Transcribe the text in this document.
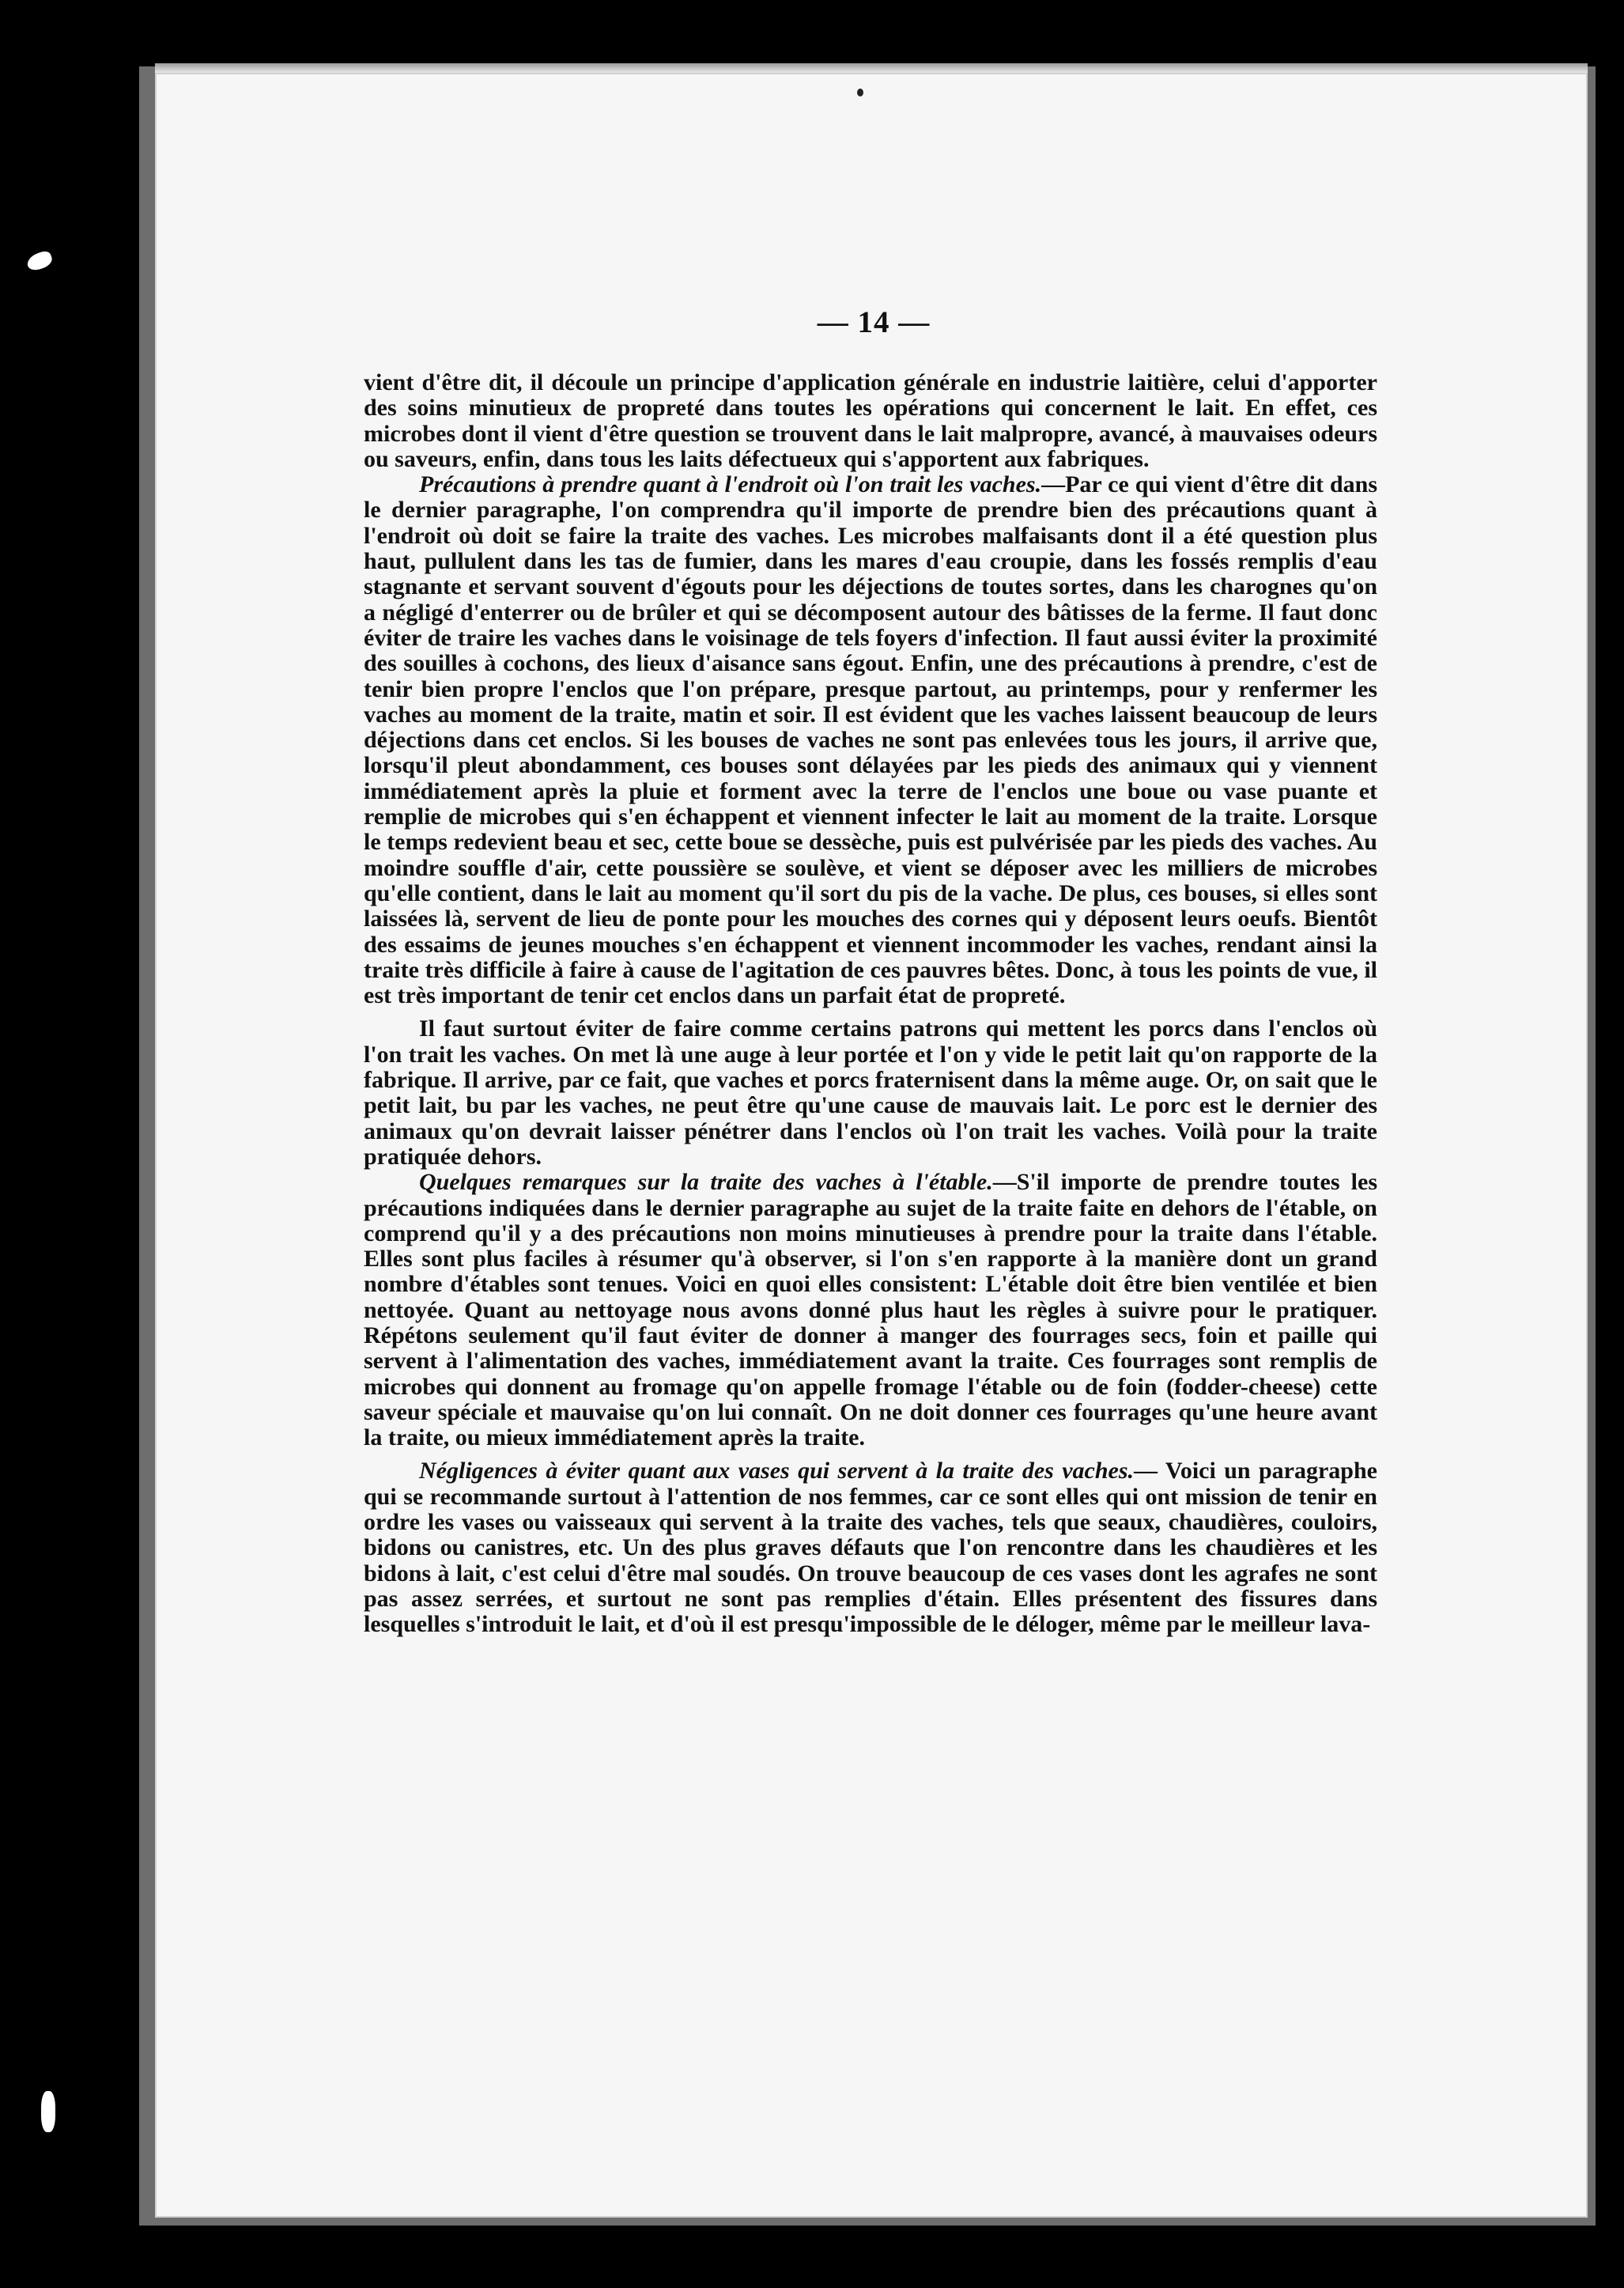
— 14 —

vient d'être dit, il découle un principe d'application générale en industrie laitière, celui d'apporter des soins minutieux de propreté dans toutes les opérations qui concernent le lait. En effet, ces microbes dont il vient d'être question se trouvent dans le lait malpropre, avancé, à mauvaises odeurs ou saveurs, enfin, dans tous les laits défectueux qui s'apportent aux fabriques.

Précautions à prendre quant à l'endroit où l'on trait les vaches.—Par ce qui vient d'être dit dans le dernier paragraphe, l'on comprendra qu'il importe de prendre bien des précautions quant à l'endroit où doit se faire la traite des vaches. Les microbes malfaisants dont il a été question plus haut, pullulent dans les tas de fumier, dans les mares d'eau croupie, dans les fossés remplis d'eau stagnante et servant souvent d'égouts pour les déjections de toutes sortes, dans les charognes qu'on a négligé d'enterrer ou de brûler et qui se décomposent autour des bâtisses de la ferme. Il faut donc éviter de traire les vaches dans le voisinage de tels foyers d'infection. Il faut aussi éviter la proximité des souilles à cochons, des lieux d'aisance sans égout. Enfin, une des précautions à prendre, c'est de tenir bien propre l'enclos que l'on prépare, presque partout, au printemps, pour y renfermer les vaches au moment de la traite, matin et soir. Il est évident que les vaches laissent beaucoup de leurs déjections dans cet enclos. Si les bouses de vaches ne sont pas enlevées tous les jours, il arrive que, lorsqu'il pleut abondamment, ces bouses sont délayées par les pieds des animaux qui y viennent immédiatement après la pluie et forment avec la terre de l'enclos une boue ou vase puante et remplie de microbes qui s'en échappent et viennent infecter le lait au moment de la traite. Lorsque le temps redevient beau et sec, cette boue se dessèche, puis est pulvérisée par les pieds des vaches. Au moindre souffle d'air, cette poussière se soulève, et vient se déposer avec les milliers de microbes qu'elle contient, dans le lait au moment qu'il sort du pis de la vache. De plus, ces bouses, si elles sont laissées là, servent de lieu de ponte pour les mouches des cornes qui y déposent leurs oeufs. Bientôt des essaims de jeunes mouches s'en échappent et viennent incommoder les vaches, rendant ainsi la traite très difficile à faire à cause de l'agitation de ces pauvres bêtes. Donc, à tous les points de vue, il est très important de tenir cet enclos dans un parfait état de propreté.

Il faut surtout éviter de faire comme certains patrons qui mettent les porcs dans l'enclos où l'on trait les vaches. On met là une auge à leur portée et l'on y vide le petit lait qu'on rapporte de la fabrique. Il arrive, par ce fait, que vaches et porcs fraternisent dans la même auge. Or, on sait que le petit lait, bu par les vaches, ne peut être qu'une cause de mauvais lait. Le porc est le dernier des animaux qu'on devrait laisser pénétrer dans l'enclos où l'on trait les vaches. Voilà pour la traite pratiquée dehors.

Quelques remarques sur la traite des vaches à l'étable.—S'il importe de prendre toutes les précautions indiquées dans le dernier paragraphe au sujet de la traite faite en dehors de l'étable, on comprend qu'il y a des précautions non moins minutieuses à prendre pour la traite dans l'étable. Elles sont plus faciles à résumer qu'à observer, si l'on s'en rapporte à la manière dont un grand nombre d'étables sont tenues. Voici en quoi elles consistent: L'étable doit être bien ventilée et bien nettoyée. Quant au nettoyage nous avons donné plus haut les règles à suivre pour le pratiquer. Répétons seulement qu'il faut éviter de donner à manger des fourrages secs, foin et paille qui servent à l'alimentation des vaches, immédiatement avant la traite. Ces fourrages sont remplis de microbes qui donnent au fromage qu'on appelle fromage l'étable ou de foin (fodder-cheese) cette saveur spéciale et mauvaise qu'on lui connaît. On ne doit donner ces fourrages qu'une heure avant la traite, ou mieux immédiatement après la traite.

Négligences à éviter quant aux vases qui servent à la traite des vaches.— Voici un paragraphe qui se recommande surtout à l'attention de nos femmes, car ce sont elles qui ont mission de tenir en ordre les vases ou vaisseaux qui servent à la traite des vaches, tels que seaux, chaudières, couloirs, bidons ou canistres, etc. Un des plus graves défauts que l'on rencontre dans les chaudières et les bidons à lait, c'est celui d'être mal soudés. On trouve beaucoup de ces vases dont les agrafes ne sont pas assez serrées, et surtout ne sont pas remplies d'étain. Elles présentent des fissures dans lesquelles s'introduit le lait, et d'où il est presqu'impossible de le déloger, même par le meilleur lava-
